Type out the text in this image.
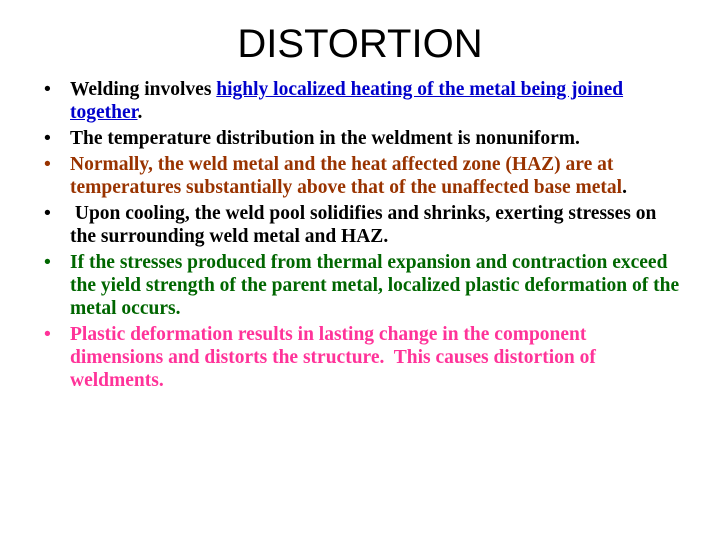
DISTORTION
• Welding involves highly localized heating of the metal being joined together.
• The temperature distribution in the weldment is nonuniform.
• Normally, the weld metal and the heat affected zone (HAZ) are at temperatures substantially above that of the unaffected base metal.
• Upon cooling, the weld pool solidifies and shrinks, exerting stresses on the surrounding weld metal and HAZ.
• If the stresses produced from thermal expansion and contraction exceed the yield strength of the parent metal, localized plastic deformation of the metal occurs.
• Plastic deformation results in lasting change in the component dimensions and distorts the structure.  This causes distortion of weldments.
